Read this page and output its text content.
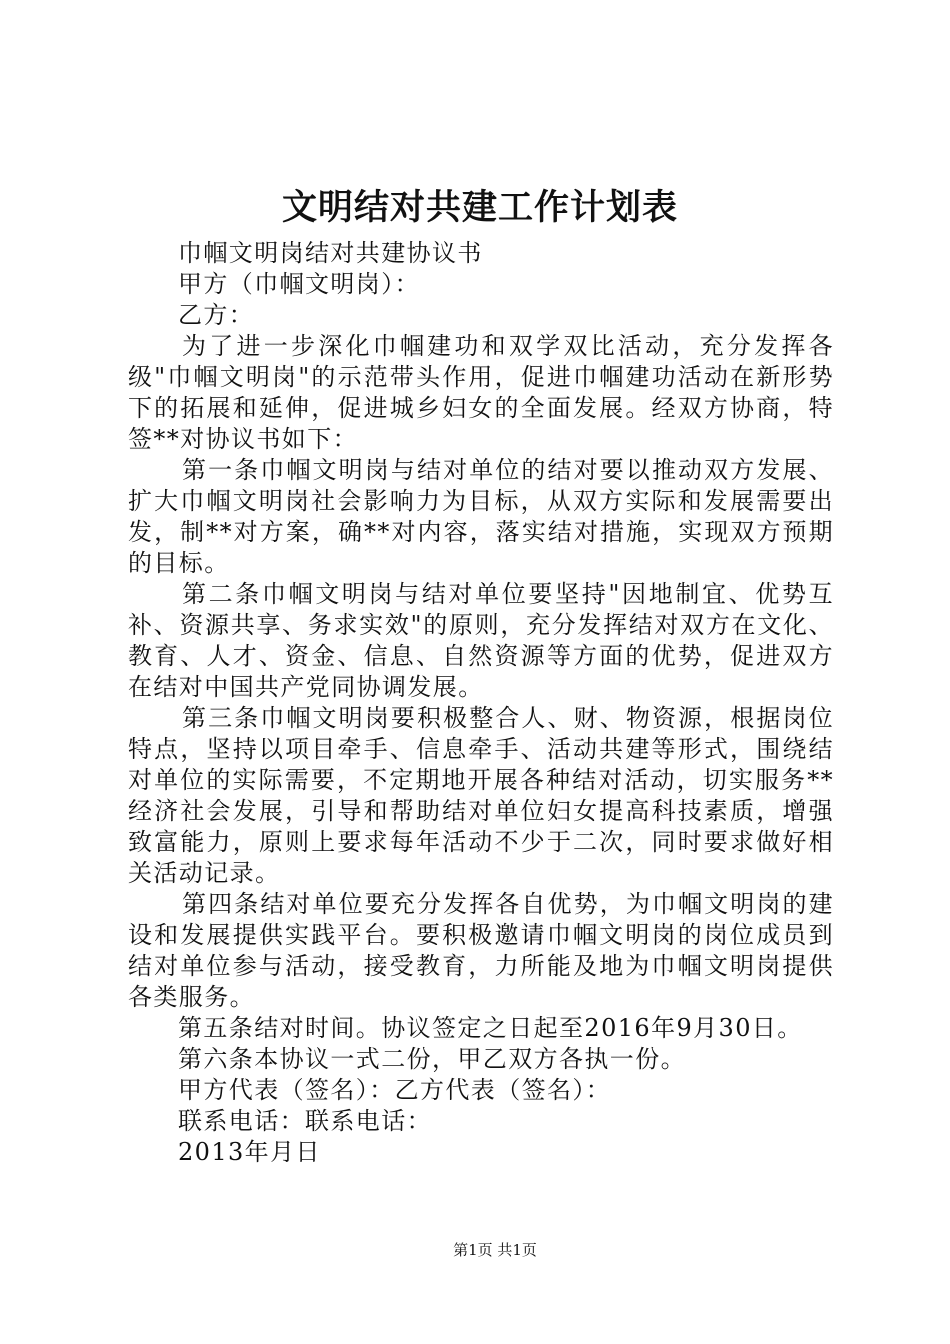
文明结对共建工作计划表

巾帼文明岗结对共建协议书

甲方（巾帼文明岗）：

乙方：

为了进一步深化巾帼建功和双学双比活动，充分发挥各级"巾帼文明岗"的示范带头作用，促进巾帼建功活动在新形势下的拓展和延伸，促进城乡妇女的全面发展。经双方协商，特签**对协议书如下：

第一条巾帼文明岗与结对单位的结对要以推动双方发展、扩大巾帼文明岗社会影响力为目标，从双方实际和发展需要出发，制**对方案，确**对内容，落实结对措施，实现双方预期的目标。

第二条巾帼文明岗与结对单位要坚持"因地制宜、优势互补、资源共享、务求实效"的原则，充分发挥结对双方在文化、教育、人才、资金、信息、自然资源等方面的优势，促进双方在结对中国共产党同协调发展。

第三条巾帼文明岗要积极整合人、财、物资源，根据岗位特点，坚持以项目牵手、信息牵手、活动共建等形式，围绕结对单位的实际需要，不定期地开展各种结对活动，切实服务**经济社会发展，引导和帮助结对单位妇女提高科技素质，增强致富能力，原则上要求每年活动不少于二次，同时要求做好相关活动记录。

第四条结对单位要充分发挥各自优势，为巾帼文明岗的建设和发展提供实践平台。要积极邀请巾帼文明岗的岗位成员到结对单位参与活动，接受教育，力所能及地为巾帼文明岗提供各类服务。

第五条结对时间。协议签定之日起至2016年9月30日。

第六条本协议一式二份，甲乙双方各执一份。

甲方代表（签名）：乙方代表（签名）：

联系电话：联系电话：

2013年月日

第1页 共1页
